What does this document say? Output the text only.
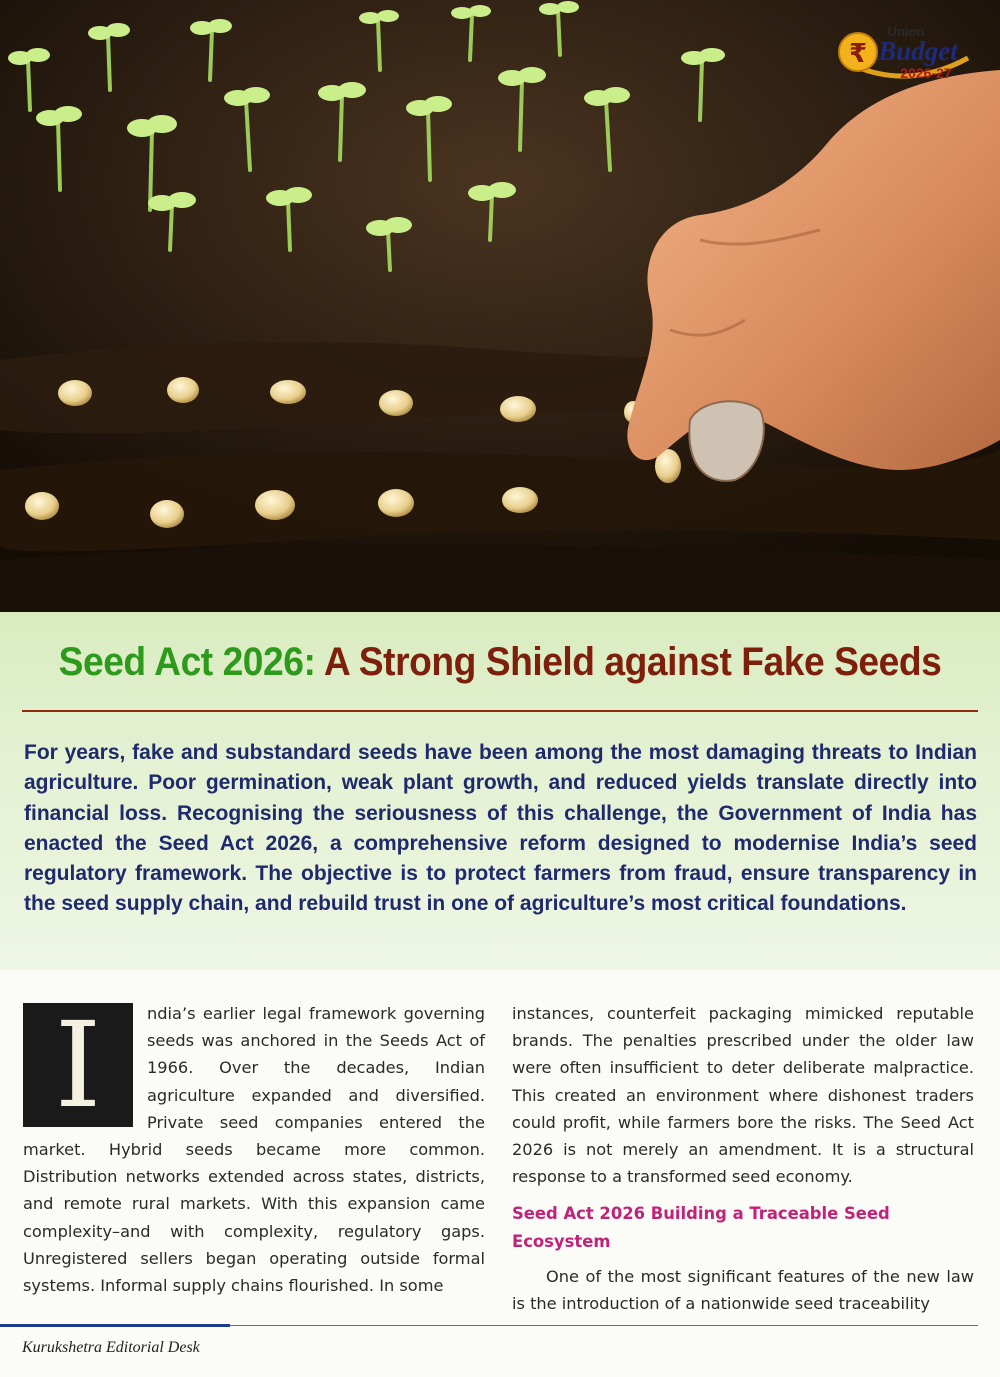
₹
Union
Budget
2026-27
Seed Act 2026: A Strong Shield against Fake Seeds

For years, fake and substandard seeds have been among the most damaging threats to Indian agriculture. Poor germination, weak plant growth, and reduced yields translate directly into financial loss. Recognising the seriousness of this challenge, the Government of India has enacted the Seed Act 2026, a comprehensive reform designed to modernise India’s seed regulatory framework. The objective is to protect farmers from fraud, ensure transparency in the seed supply chain, and rebuild trust in one of agriculture’s most critical foundations.

I	ndia’s earlier legal framework governing seeds was anchored in the Seeds Act of 1966. Over the decades, Indian agriculture expanded and diversified. Private seed companies entered the market. Hybrid seeds became more common. Distribution networks extended across states, districts, and remote rural markets. With this expansion came complexity–and with complexity, regulatory gaps. Unregistered sellers began operating outside formal systems. Informal supply chains flourished. In some
instances, counterfeit packaging mimicked reputable brands. The penalties prescribed under the older law were often insufficient to deter deliberate malpractice. This created an environment where dishonest traders could profit, while farmers bore the risks. The Seed Act 2026 is not merely an amendment. It is a structural response to a transformed seed economy.
Seed Act 2026 Building a Traceable Seed Ecosystem
One of the most significant features of the new law is the introduction of a nationwide seed traceability
Kurukshetra Editorial Desk
